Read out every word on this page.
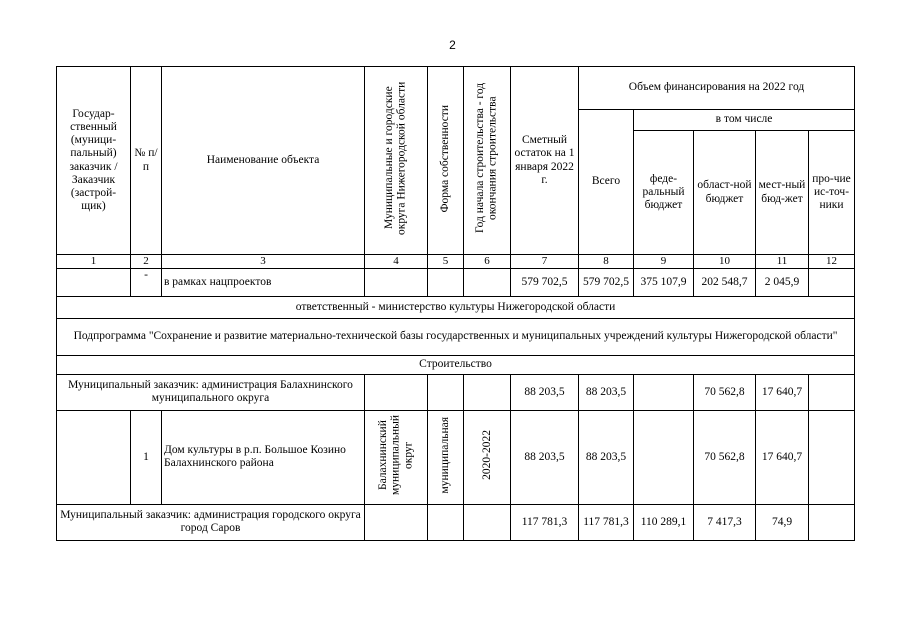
2
Государ-ственный (муници-пальный) заказчик / Заказчик (застрой-щик)	№ п/п	Наименование объекта	Муниципальные и городские округа Нижегородской области	Форма собственности	Год начала строительства - год окончания строительства	Сметный остаток на 1 января 2022 г.	Объем финансирования на 2022 год				
							Всего	в том числе			
								феде-ральный бюджет	област-ной бюджет	мест-ный бюд-жет	про-чие ис-точ-ники
1	2	3	4	5	6	7	8	9	10	11	12
	-	в рамках нацпроектов				579 702,5	579 702,5	375 107,9	202 548,7	2 045,9	
ответственный - министерство культуры Нижегородской области											
Подпрограмма "Сохранение и развитие материально-технической базы государственных и муниципальных учреждений культуры Нижегородской области"											
Строительство											
Муниципальный заказчик: администрация Балахнинского муниципального округа						88 203,5	88 203,5		70 562,8	17 640,7	
	1	Дом культуры в р.п. Большое Козино Балахнинского района	Балахнинский муниципальный округ	муниципальная	2020-2022	88 203,5	88 203,5		70 562,8	17 640,7	
Муниципальный заказчик: администрация городского округа город Саров						117 781,3	117 781,3	110 289,1	7 417,3	74,9	
